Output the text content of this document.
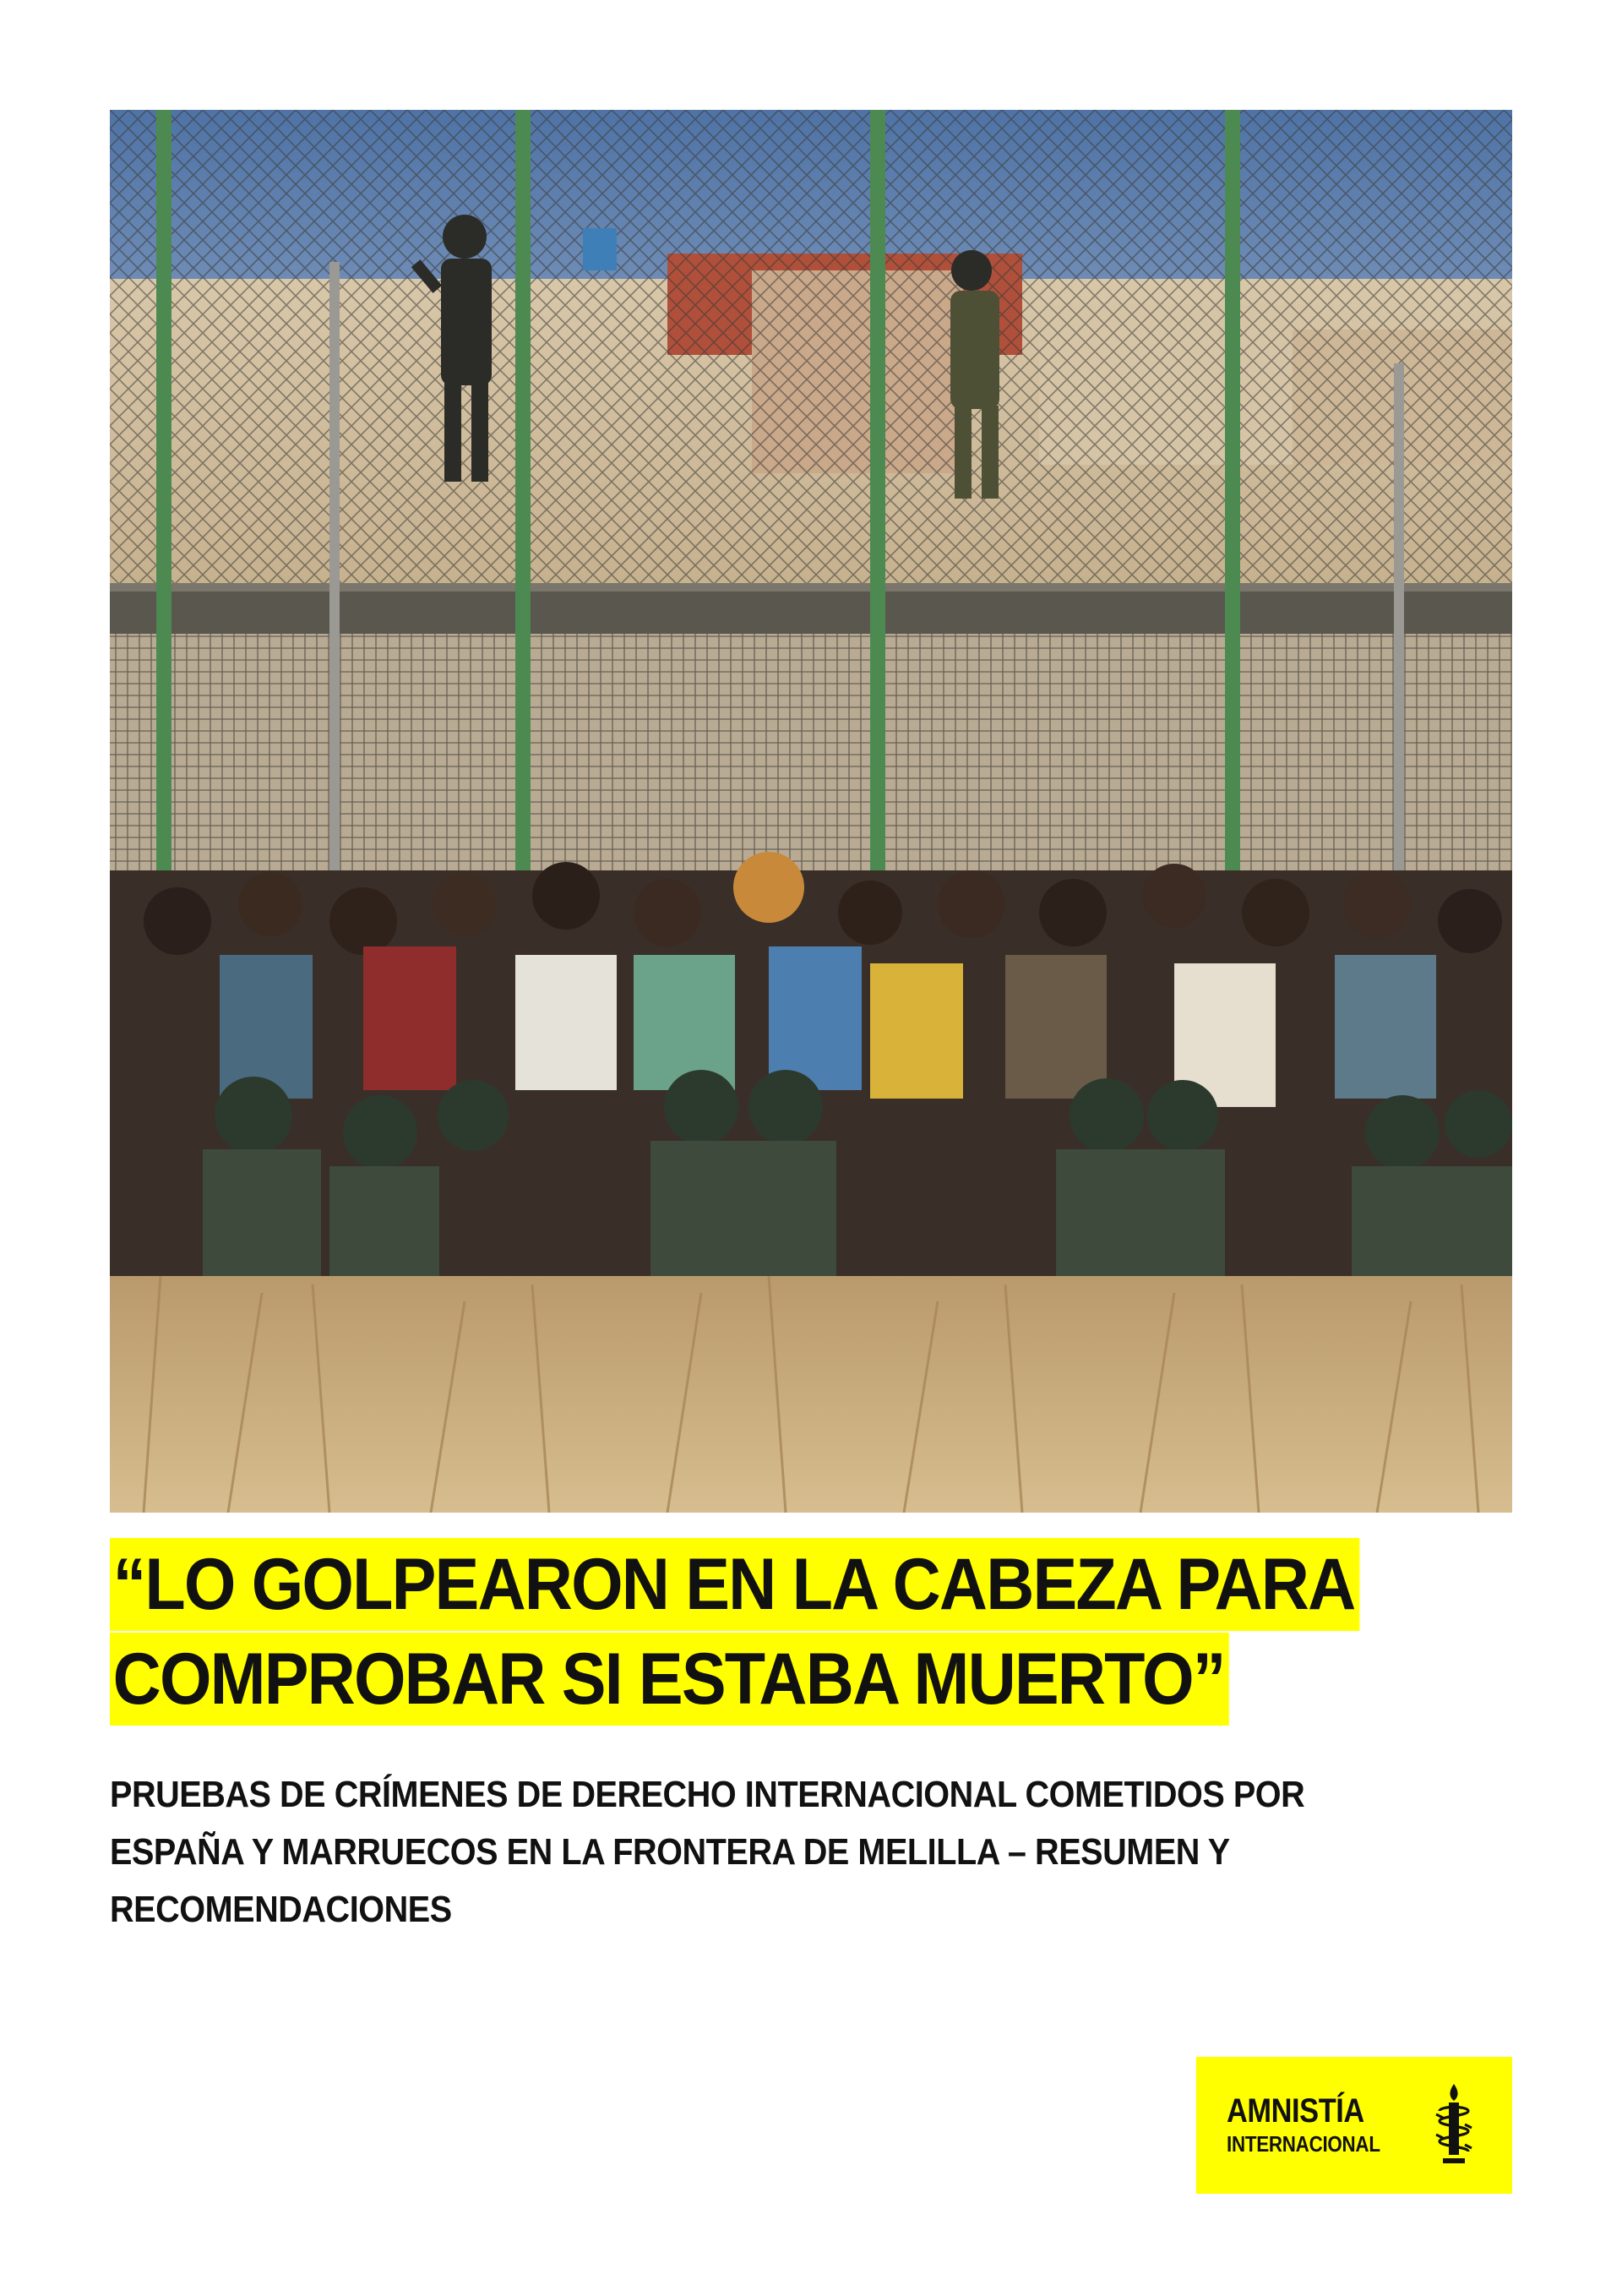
“LO GOLPEARON EN LA CABEZA PARA
COMPROBAR SI ESTABA MUERTO”
PRUEBAS DE CRÍMENES DE DERECHO INTERNACIONAL COMETIDOS POR
ESPAÑA Y MARRUECOS EN LA FRONTERA DE MELILLA – RESUMEN Y
RECOMENDACIONES
AMNISTÍA
INTERNACIONAL
